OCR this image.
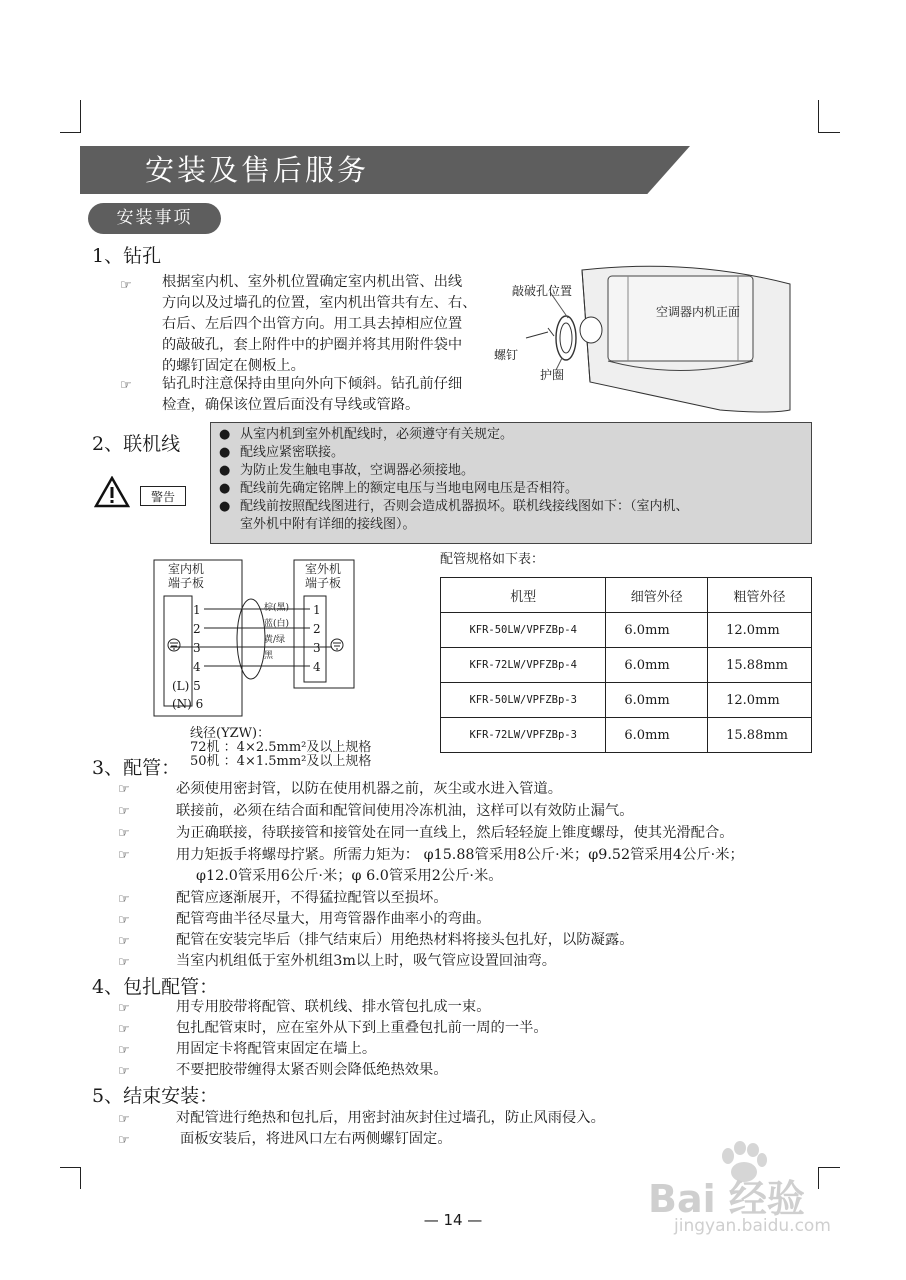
安装及售后服务
安装事项
1、钻孔
☞ 根据室内机、室外机位置确定室内机出管、出线
方向以及过墙孔的位置，室内机出管共有左、右、
右后、左后四个出管方向。用工具去掉相应位置
的敲破孔，套上附件中的护圈并将其用附件袋中
的螺钉固定在侧板上。
☞ 钻孔时注意保持由里向外向下倾斜。钻孔前仔细
检查，确保该位置后面没有导线或管路。
敲破孔位置
螺钉
护圈
空调器内机正面
2、联机线
警告
● 从室内机到室外机配线时，必须遵守有关规定。
● 配线应紧密联接。
● 为防止发生触电事故，空调器必须接地。
● 配线前先确定铭牌上的额定电压与当地电网电压是否相符。
● 配线前按照配线图进行，否则会造成机器损坏。联机线接线图如下：（室内机、
室外机中附有详细的接线图）。
室内机
端子板
室外机
端子板
1
2
3
4
(L) 5
(N) 6
1
2
3
4
棕(黑)
蓝(白)
黄/绿
黑
线径(YZW)：
72机 ：4×2.5mm²及以上规格
50机 ：4×1.5mm²及以上规格
配管规格如下表：
机型	细管外径	粗管外径
KFR-50LW/VPFZBp-4	6.0mm	12.0mm
KFR-72LW/VPFZBp-4	6.0mm	15.88mm
KFR-50LW/VPFZBp-3	6.0mm	12.0mm
KFR-72LW/VPFZBp-3	6.0mm	15.88mm
3、配管：
☞	必须使用密封管，以防在使用机器之前，灰尘或水进入管道。
☞	联接前，必须在结合面和配管间使用冷冻机油，这样可以有效防止漏气。
☞	为正确联接，待联接管和接管处在同一直线上，然后轻轻旋上锥度螺母，使其光滑配合。
☞	用力矩扳手将螺母拧紧。所需力矩为： φ15.88管采用8公斤·米；φ9.52管采用4公斤·米；
φ12.0管采用6公斤·米；φ 6.0管采用2公斤·米。
☞	配管应逐渐展开，不得猛拉配管以至损坏。
☞	配管弯曲半径尽量大，用弯管器作曲率小的弯曲。
☞	配管在安装完毕后（排气结束后）用绝热材料将接头包扎好，以防凝露。
☞	当室内机组低于室外机组3m以上时，吸气管应设置回油弯。
4、包扎配管：
☞	用专用胶带将配管、联机线、排水管包扎成一束。
☞	包扎配管束时，应在室外从下到上重叠包扎前一周的一半。
☞	用固定卡将配管束固定在墙上。
☞	不要把胶带缠得太紧否则会降低绝热效果。
5、结束安装：
☞	对配管进行绝热和包扎后，用密封油灰封住过墙孔，防止风雨侵入。
☞	面板安装后，将进风口左右两侧螺钉固定。
— 14 —	Bai 经验
jingyan.baidu.com
